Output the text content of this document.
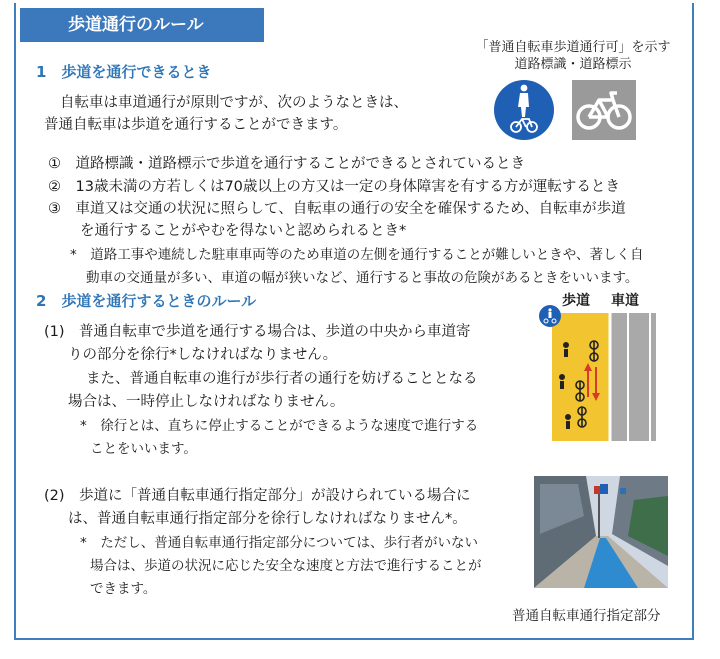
歩道通行のルール
1　歩道を通行できるとき
自転車は車道通行が原則ですが、次のようなときは、
普通自転車は歩道を通行することができます。
「普通自転車歩道通行可」を示す
道路標識・道路標示
①　道路標識・道路標示で歩道を通行することができるとされているとき
②　13歳未満の方若しくは70歳以上の方又は一定の身体障害を有する方が運転するとき
③　車道又は交通の状況に照らして、自転車の通行の安全を確保するため、自転車が歩道
を通行することがやむを得ないと認められるとき*
*　道路工事や連続した駐車車両等のため車道の左側を通行することが難しいときや、著しく自
動車の交通量が多い、車道の幅が狭いなど、通行すると事故の危険があるときをいいます。
2　歩道を通行するときのルール	歩道 車道
(1)　普通自転車で歩道を通行する場合は、歩道の中央から車道寄
りの部分を徐行*しなければなりません。
また、普通自転車の進行が歩行者の通行を妨げることとなる
場合は、一時停止しなければなりません。
*　徐行とは、直ちに停止することができるような速度で進行する
ことをいいます。
(2)　歩道に「普通自転車通行指定部分」が設けられている場合に
は、普通自転車通行指定部分を徐行しなければなりません*。
*　ただし、普通自転車通行指定部分については、歩行者がいない
場合は、歩道の状況に応じた安全な速度と方法で進行することが
できます。
普通自転車通行指定部分
